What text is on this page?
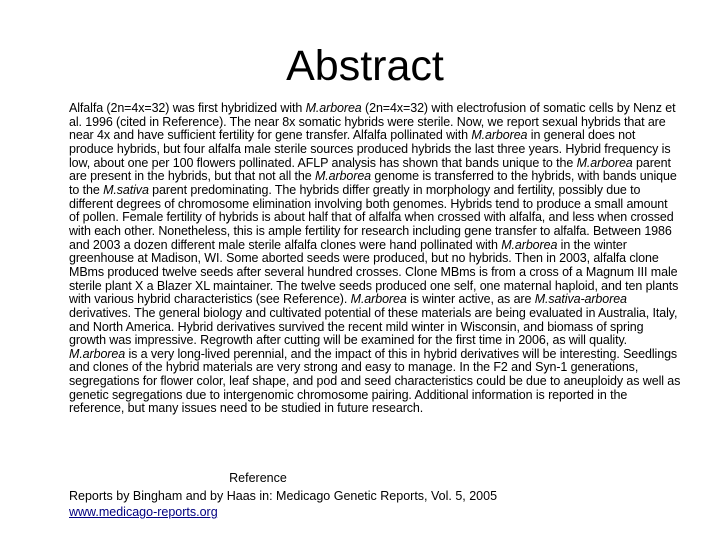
Abstract
Alfalfa (2n=4x=32) was first hybridized with M.arborea (2n=4x=32) with electrofusion of somatic cells by Nenz et al. 1996 (cited in Reference). The near 8x somatic hybrids were sterile. Now, we report sexual hybrids that are near 4x and have sufficient fertility for gene transfer. Alfalfa pollinated with M.arborea in general does not produce hybrids, but four alfalfa male sterile sources produced hybrids the last three years. Hybrid frequency is low, about one per 100 flowers pollinated. AFLP analysis has shown that bands unique to the M.arborea parent are present in the hybrids, but that not all the M.arborea genome is transferred to the hybrids, with bands unique to the M.sativa parent predominating. The hybrids differ greatly in morphology and fertility, possibly due to different degrees of chromosome elimination involving both genomes. Hybrids tend to produce a small amount of pollen. Female fertility of hybrids is about half that of alfalfa when crossed with alfalfa, and less when crossed with each other. Nonetheless, this is ample fertility for research including gene transfer to alfalfa. Between 1986 and 2003 a dozen different male sterile alfalfa clones were hand pollinated with M.arborea in the winter greenhouse at Madison, WI. Some aborted seeds were produced, but no hybrids. Then in 2003, alfalfa clone MBms produced twelve seeds after several hundred crosses. Clone MBms is from a cross of a Magnum III male sterile plant X a Blazer XL maintainer. The twelve seeds produced one self, one maternal haploid, and ten plants with various hybrid characteristics (see Reference). M.arborea is winter active, as are M.sativa-arborea derivatives. The general biology and cultivated potential of these materials are being evaluated in Australia, Italy, and North America. Hybrid derivatives survived the recent mild winter in Wisconsin, and biomass of spring growth was impressive. Regrowth after cutting will be examined for the first time in 2006, as will quality. M.arborea is a very long-lived perennial, and the impact of this in hybrid derivatives will be interesting. Seedlings and clones of the hybrid materials are very strong and easy to manage. In the F2 and Syn-1 generations, segregations for flower color, leaf shape, and pod and seed characteristics could be due to aneuploidy as well as genetic segregations due to intergenomic chromosome pairing. Additional information is reported in the reference, but many issues need to be studied in future research.
Reference
Reports by Bingham and by Haas in: Medicago Genetic Reports, Vol. 5, 2005
www.medicago-reports.org
